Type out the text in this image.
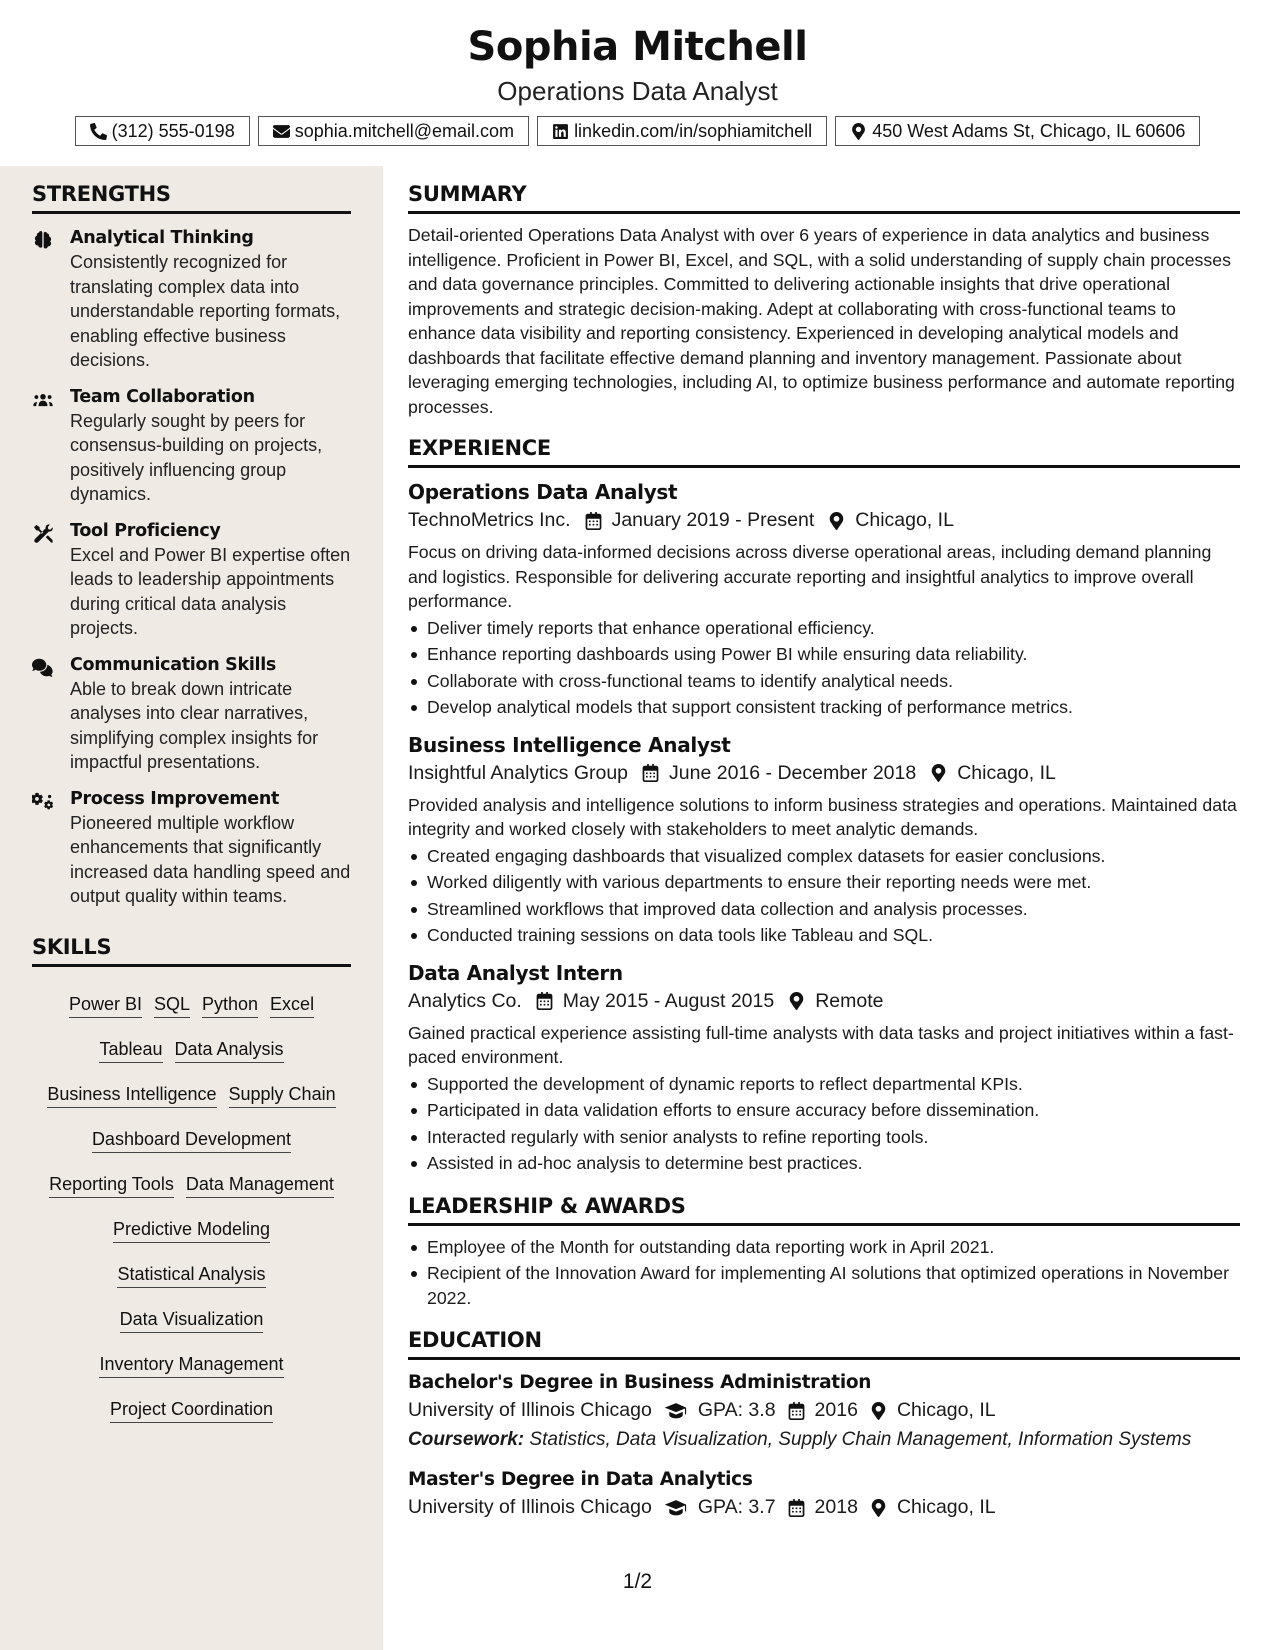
Sophia Mitchell
Operations Data Analyst
(312) 555-0198	sophia.mitchell@email.com	linkedin.com/in/sophiamitchell	450 West Adams St, Chicago, IL 60606
STRENGTHS
Analytical Thinking
Consistently recognized for translating complex data into understandable reporting formats, enabling effective business decisions.
Team Collaboration
Regularly sought by peers for consensus-building on projects, positively influencing group dynamics.
Tool Proficiency
Excel and Power BI expertise often leads to leadership appointments during critical data analysis projects.
Communication Skills
Able to break down intricate analyses into clear narratives, simplifying complex insights for impactful presentations.
Process Improvement
Pioneered multiple workflow enhancements that significantly increased data handling speed and output quality within teams.
SKILLS
Power BI SQL Python Excel
Tableau Data Analysis
Business Intelligence Supply Chain
Dashboard Development
Reporting Tools Data Management
Predictive Modeling
Statistical Analysis
Data Visualization
Inventory Management
Project Coordination
SUMMARY

Detail-oriented Operations Data Analyst with over 6 years of experience in data analytics and business intelligence. Proficient in Power BI, Excel, and SQL, with a solid understanding of supply chain processes and data governance principles. Committed to delivering actionable insights that drive operational improvements and strategic decision-making. Adept at collaborating with cross-functional teams to enhance data visibility and reporting consistency. Experienced in developing analytical models and dashboards that facilitate effective demand planning and inventory management. Passionate about leveraging emerging technologies, including AI, to optimize business performance and automate reporting processes.

EXPERIENCE
Operations Data Analyst
TechnoMetrics Inc. January 2019 - Present Chicago, IL
Focus on driving data-informed decisions across diverse operational areas, including demand planning and logistics. Responsible for delivering accurate reporting and insightful analytics to improve overall performance.
Deliver timely reports that enhance operational efficiency.
Enhance reporting dashboards using Power BI while ensuring data reliability.
Collaborate with cross-functional teams to identify analytical needs.
Develop analytical models that support consistent tracking of performance metrics.
Business Intelligence Analyst
Insightful Analytics Group June 2016 - December 2018 Chicago, IL
Provided analysis and intelligence solutions to inform business strategies and operations. Maintained data integrity and worked closely with stakeholders to meet analytic demands.
Created engaging dashboards that visualized complex datasets for easier conclusions.
Worked diligently with various departments to ensure their reporting needs were met.
Streamlined workflows that improved data collection and analysis processes.
Conducted training sessions on data tools like Tableau and SQL.
Data Analyst Intern
Analytics Co. May 2015 - August 2015 Remote
Gained practical experience assisting full-time analysts with data tasks and project initiatives within a fast-paced environment.
Supported the development of dynamic reports to reflect departmental KPIs.
Participated in data validation efforts to ensure accuracy before dissemination.
Interacted regularly with senior analysts to refine reporting tools.
Assisted in ad-hoc analysis to determine best practices.
LEADERSHIP & AWARDS
Employee of the Month for outstanding data reporting work in April 2021.
Recipient of the Innovation Award for implementing AI solutions that optimized operations in November 2022.
EDUCATION
Bachelor's Degree in Business Administration
University of Illinois Chicago GPA: 3.8 2016 Chicago, IL
Coursework: Statistics, Data Visualization, Supply Chain Management, Information Systems
Master's Degree in Data Analytics
University of Illinois Chicago GPA: 3.7 2018 Chicago, IL
1/2
